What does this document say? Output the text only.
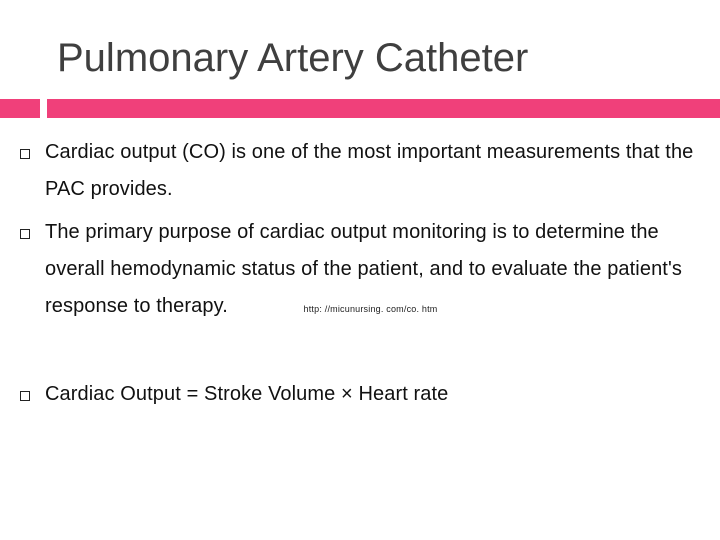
Pulmonary Artery Catheter
Cardiac output (CO) is one of the most important measurements that the PAC provides.
The primary purpose of cardiac output monitoring is to determine the overall hemodynamic status of the patient, and to evaluate the patient's response to therapy.	http: //micunursing. com/co. htm
Cardiac Output = Stroke Volume × Heart rate
